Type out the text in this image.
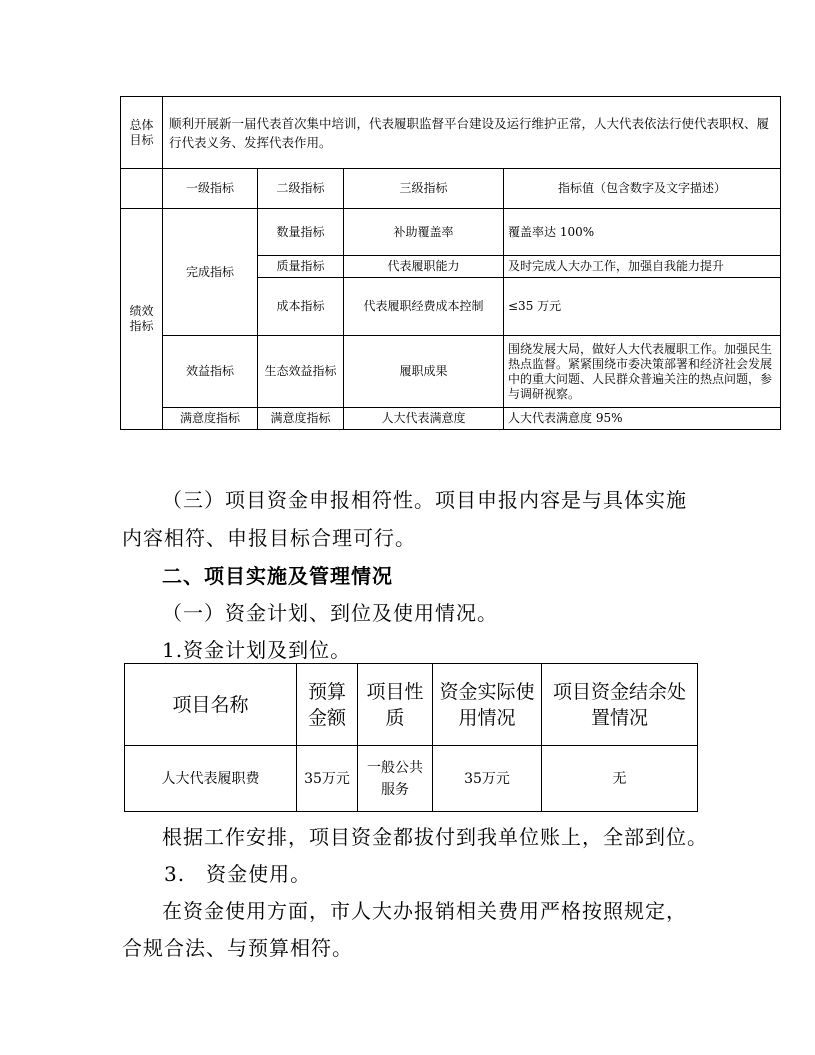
总体目标	顺利开展新一届代表首次集中培训，代表履职监督平台建设及运行维护正常，人大代表依法行使代表职权、履行代表义务、发挥代表作用。			
	一级指标	二级指标	三级指标	指标值（包含数字及文字描述）
绩效指标	完成指标	数量指标	补助覆盖率	覆盖率达 100%
		质量指标	代表履职能力	及时完成人大办工作，加强自我能力提升
		成本指标	代表履职经费成本控制	≤35 万元
	效益指标	生态效益指标	履职成果	围绕发展大局，做好人大代表履职工作。加强民生热点监督。紧紧围绕市委决策部署和经济社会发展中的重大问题、人民群众普遍关注的热点问题，参与调研视察。
	满意度指标	满意度指标	人大代表满意度	人大代表满意度 95%
（三）项目资金申报相符性。项目申报内容是与具体实施
内容相符、申报目标合理可行。
二、项目实施及管理情况
（一）资金计划、到位及使用情况。
1.资金计划及到位。
项目名称	预算金额	项目性质	资金实际使用情况	项目资金结余处置情况
人大代表履职费	35万元	一般公共服务	35万元	无
根据工作安排，项目资金都拔付到我单位账上，全部到位。
3.　资金使用。
在资金使用方面，市人大办报销相关费用严格按照规定，
合规合法、与预算相符。
